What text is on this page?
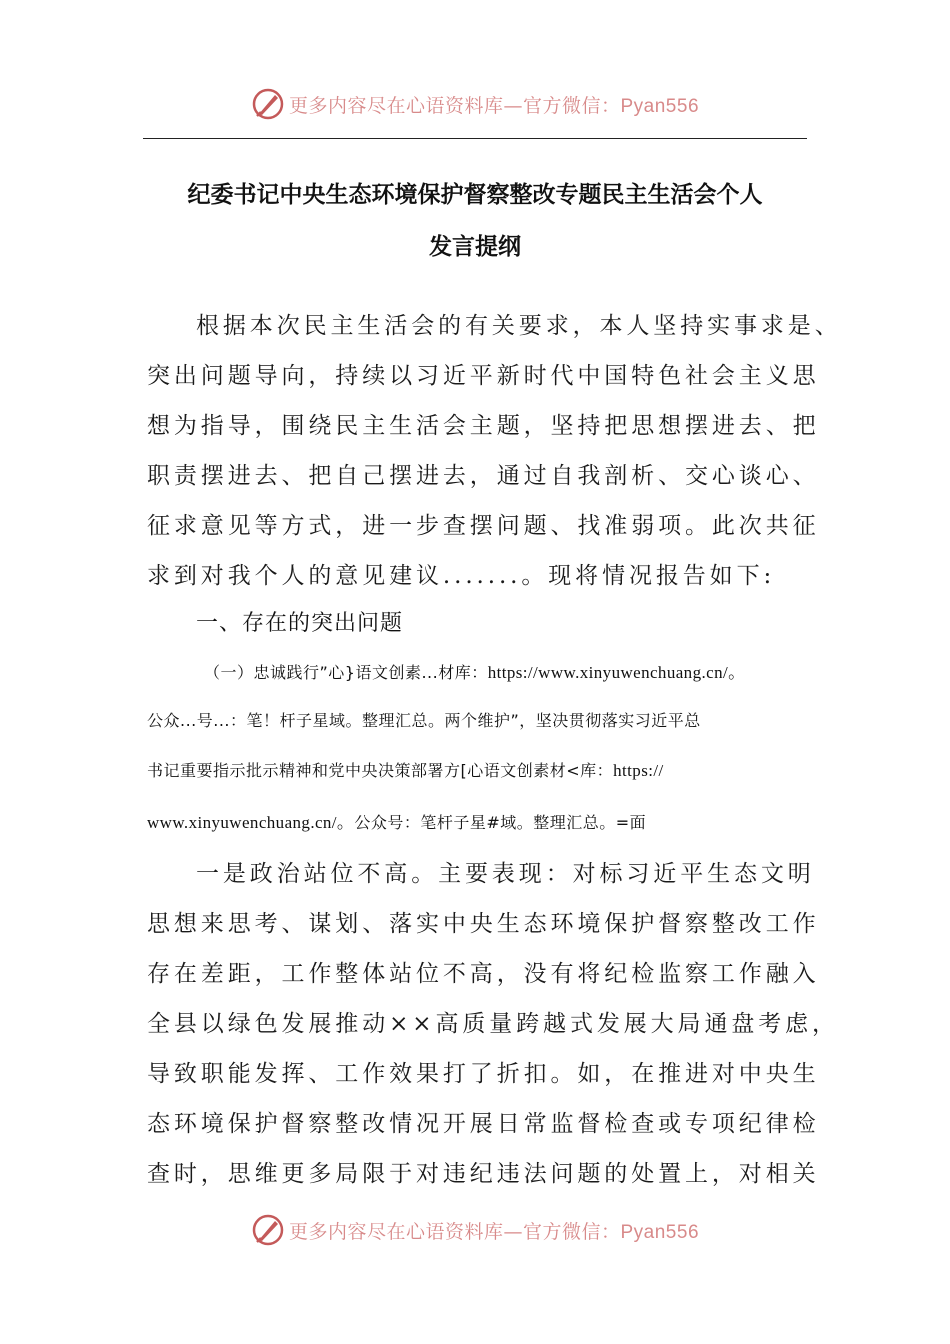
更多内容尽在心语资料库—官方微信：Pyan556
纪委书记中央生态环境保护督察整改专题民主生活会个人
发言提纲
根据本次民主生活会的有关要求，本人坚持实事求是、
突出问题导向，持续以习近平新时代中国特色社会主义思
想为指导，围绕民主生活会主题，坚持把思想摆进去、把
职责摆进去、把自己摆进去，通过自我剖析、交心谈心、
征求意见等方式，进一步查摆问题、找准弱项。此次共征
求到对我个人的意见建议.......。现将情况报告如下:
一、存在的突出问题
（一）忠诚践行”心}语文创素...材库：https://www.xinyuwenchuang.cn/。
公众...号...：笔！杆子星域。整理汇总。两个维护”，坚决贯彻落实习近平总
书记重要指示批示精神和党中央决策部署方[心语文创素材<库：https://
www.xinyuwenchuang.cn/。公众号：笔杆子星#域。整理汇总。=面
一是政治站位不高。主要表现：对标习近平生态文明
思想来思考、谋划、落实中央生态环境保护督察整改工作
存在差距，工作整体站位不高，没有将纪检监察工作融入
全县以绿色发展推动××高质量跨越式发展大局通盘考虑，
导致职能发挥、工作效果打了折扣。如，在推进对中央生
态环境保护督察整改情况开展日常监督检查或专项纪律检
查时，思维更多局限于对违纪违法问题的处置上，对相关
更多内容尽在心语资料库—官方微信：Pyan556
